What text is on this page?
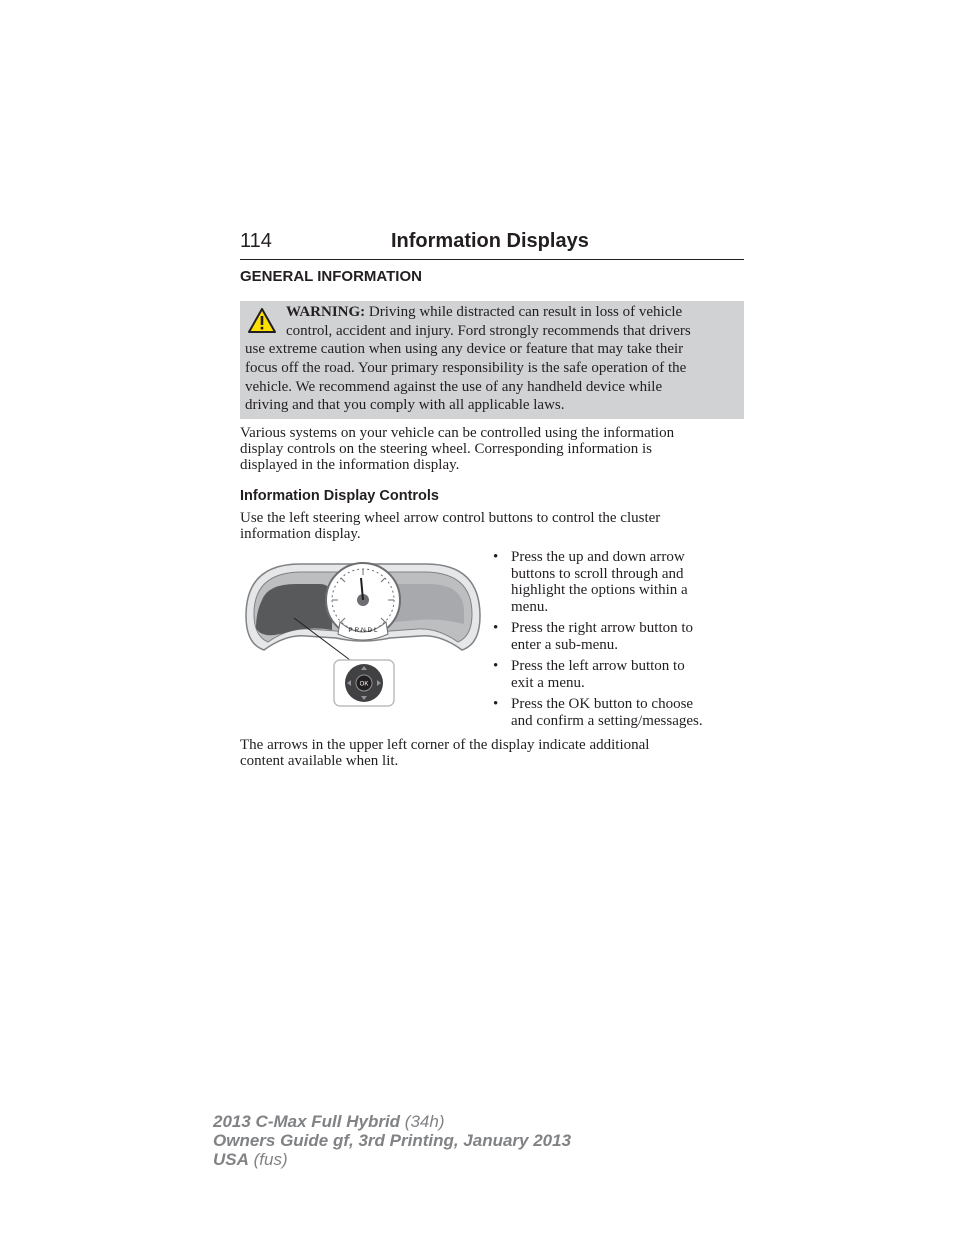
114	Information Displays
GENERAL INFORMATION
WARNING: Driving while distracted can result in loss of vehicle
control, accident and injury. Ford strongly recommends that drivers
use extreme caution when using any device or feature that may take their
focus off the road. Your primary responsibility is the safe operation of the
vehicle. We recommend against the use of any handheld device while
driving and that you comply with all applicable laws.
Various systems on your vehicle can be controlled using the information
display controls on the steering wheel. Corresponding information is
displayed in the information display.
Information Display Controls
Use the left steering wheel arrow control buttons to control the cluster
information display.
P R N D L
OK
• Press the up and down arrow
buttons to scroll through and
highlight the options within a
menu.
• Press the right arrow button to
enter a sub-menu.
• Press the left arrow button to
exit a menu.
• Press the OK button to choose
and confirm a setting/messages.
The arrows in the upper left corner of the display indicate additional
content available when lit.
2013 C-Max Full Hybrid (34h)
Owners Guide gf, 3rd Printing, January 2013
USA (fus)
